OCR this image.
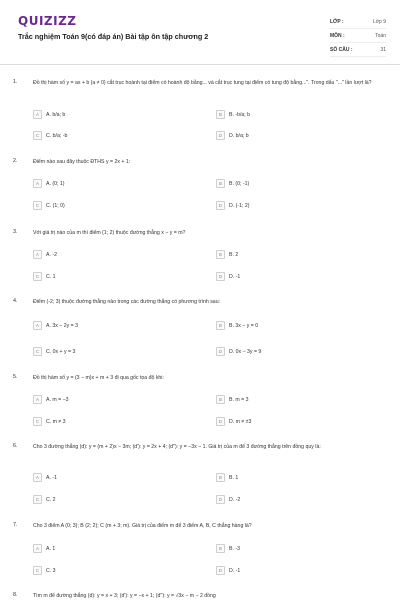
QUIZIZZ
Trắc nghiệm Toán 9(có đáp án) Bài tập ôn tập chương 2
LỚP :	Lớp 9
MÔN :	Toán
SỐ CÂU :	31
1.	Đồ thị hàm số y = ax + b (a ≠ 0) cắt trục hoành tại điểm có hoành độ bằng... và cắt trục tung tại điểm có tung độ bằng...". Trong dấu "..." lần lượt là?
A	A. b/a; b	B	B. -b/a; b
C	C. b/a; -b	D	D. b/a; b
2.	Điểm nào sau đây thuộc ĐTHS y = 2x + 1:
A	A. (0; 1)	B	B. (0; -1)
C	C. (1; 0)	D	D. (-1; 2)
3.	Với giá trị nào của m thì điểm (1; 2) thuộc đường thẳng x − y = m?
A	A. -2	B	B. 2
C	C. 1	D	D. -1
4.	Điểm (-2; 3) thuộc đường thẳng nào trong các đường thẳng có phương trình sau:
A	A. 3x − 2y = 3	B	B. 3x − y = 0
C	C. 0x + y = 3	D	D. 0x − 3y = 9
5.	Đồ thị hàm số y = (3 − m)x + m + 3 đi qua gốc tọa độ khi:
A	A. m = −3	B	B. m = 3
C	C. m ≠ 3	D	D. m ≠ ±3
6.	Cho 3 đường thẳng (d): y = (m + 2)x − 3m; (d'): y = 2x + 4; (d''): y = −3x − 1. Giá trị của m để 3 đường thẳng trên đồng quy là:
A	A. -1	B	B. 1
C	C. 2	D	D. -2
7.	Cho 3 điểm A (0; 3); B (2; 2); C (m + 3; m). Giá trị của điểm m để 3 điểm A, B, C thẳng hàng là?
A	A. 1	B	B. -3
C	C. 3	D	D. -1
8.	Tìm m để đường thẳng (d): y = x + 3; (d'): y = −x + 1; (d''): y = √3x − m − 2 đồng
